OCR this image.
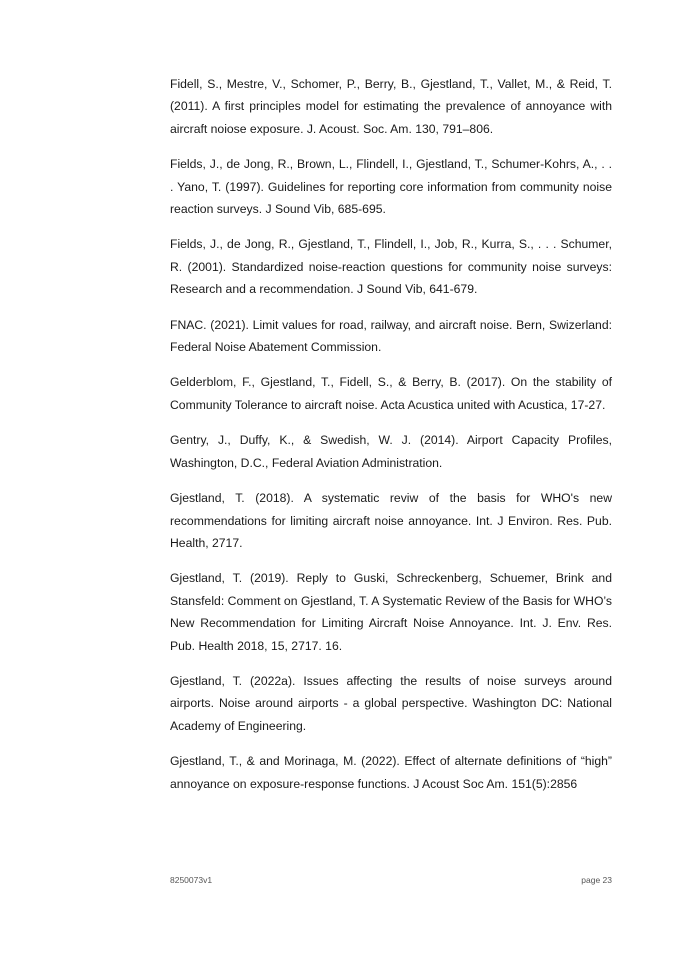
Fidell, S., Mestre, V., Schomer, P., Berry, B., Gjestland, T., Vallet, M., & Reid, T. (2011). A first principles model for estimating the prevalence of annoyance with aircraft noiose exposure. J. Acoust. Soc. Am. 130, 791–806.

Fields, J., de Jong, R., Brown, L., Flindell, I., Gjestland, T., Schumer-Kohrs, A., . . . Yano, T. (1997). Guidelines for reporting core information from community noise reaction surveys. J Sound Vib, 685-695.

Fields, J., de Jong, R., Gjestland, T., Flindell, I., Job, R., Kurra, S., . . . Schumer, R. (2001). Standardized noise-reaction questions for community noise surveys: Research and a recommendation. J Sound Vib, 641-679.

FNAC. (2021). Limit values for road, railway, and aircraft noise. Bern, Swizerland: Federal Noise Abatement Commission.

Gelderblom, F., Gjestland, T., Fidell, S., & Berry, B. (2017). On the stability of Community Tolerance to aircraft noise. Acta Acustica united with Acustica, 17-27.

Gentry, J., Duffy, K., & Swedish, W. J. (2014). Airport Capacity Profiles, Washington, D.C., Federal Aviation Administration.

Gjestland, T. (2018). A systematic reviw of the basis for WHO's new recommendations for limiting aircraft noise annoyance. Int. J Environ. Res. Pub. Health, 2717.

Gjestland, T. (2019). Reply to Guski, Schreckenberg, Schuemer, Brink and Stansfeld: Comment on Gjestland, T. A Systematic Review of the Basis for WHO’s New Recommendation for Limiting Aircraft Noise Annoyance. Int. J. Env. Res. Pub. Health 2018, 15, 2717. 16.

Gjestland, T. (2022a). Issues affecting the results of noise surveys around airports. Noise around airports - a global perspective. Washington DC: National Academy of Engineering.

Gjestland, T., & and Morinaga, M. (2022). Effect of alternate definitions of “high” annoyance on exposure-response functions. J Acoust Soc Am. 151(5):2856

8250073v1	page 23
